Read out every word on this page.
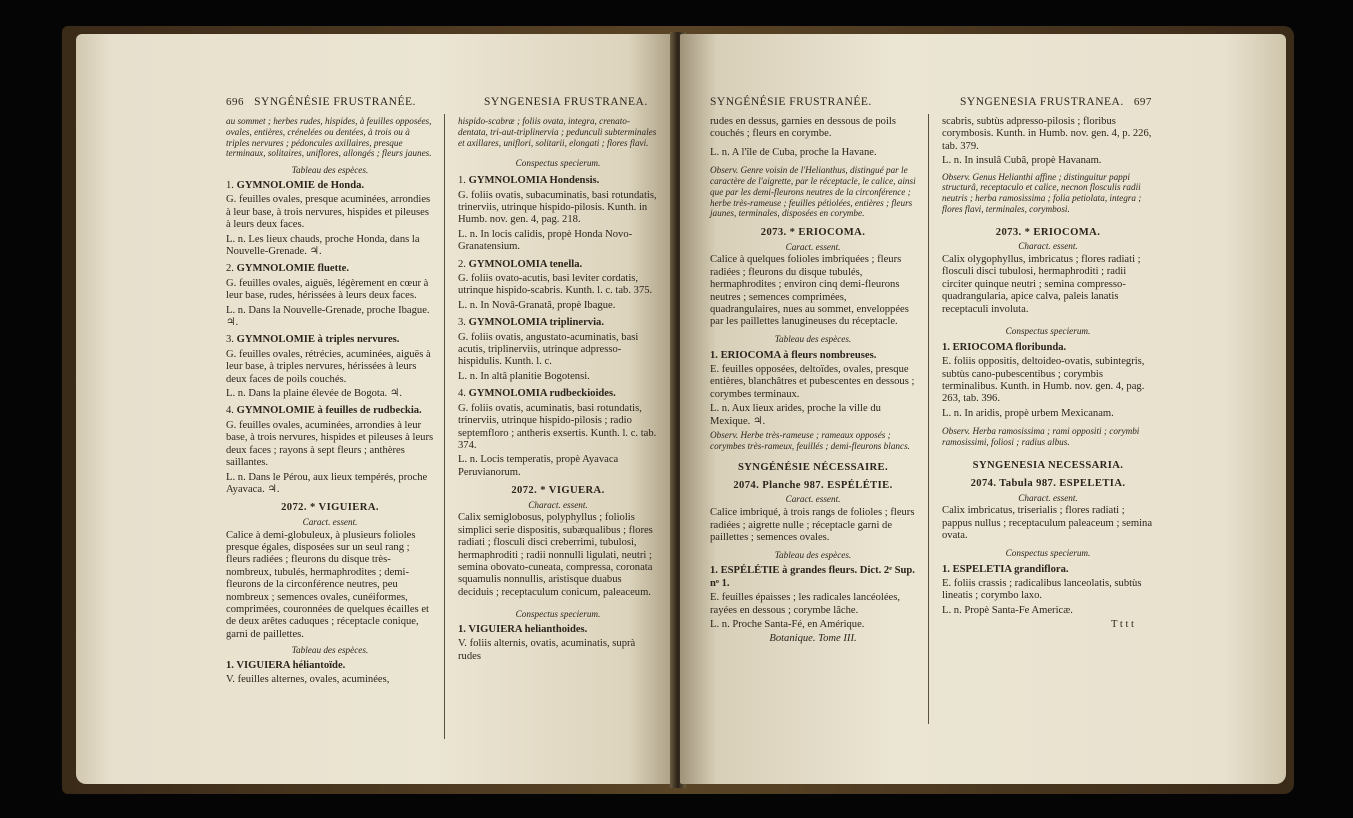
696 SYNGÉNÉSIE FRUSTRANÉE.	SYNGENESIA FRUSTRANEA.

au sommet ; herbes rudes, hispides, à feuilles opposées, ovales, entières, crénelées ou dentées, à trois ou à triples nervures ; pédoncules axillaires, presque terminaux, solitaires, uniflores, allongés ; fleurs jaunes.

Tableau des espèces.

1. GYMNOLOMIE de Honda.

G. feuilles ovales, presque acuminées, arrondies à leur base, à trois nervures, hispides et pileuses à leurs deux faces.

L. n. Les lieux chauds, proche Honda, dans la Nouvelle-Grenade. ♃.

2. GYMNOLOMIE fluette.

G. feuilles ovales, aiguës, légèrement en cœur à leur base, rudes, hérissées à leurs deux faces.

L. n. Dans la Nouvelle-Grenade, proche Ibague. ♃.

3. GYMNOLOMIE à triples nervures.

G. feuilles ovales, rétrécies, acuminées, aiguës à leur base, à triples nervures, hérissées à leurs deux faces de poils couchés.

L. n. Dans la plaine élevée de Bogota. ♃.

4. GYMNOLOMIE à feuilles de rudbeckia.

G. feuilles ovales, acuminées, arrondies à leur base, à trois nervures, hispides et pileuses à leurs deux faces ; rayons à sept fleurs ; anthères saillantes.

L. n. Dans le Pérou, aux lieux tempérés, proche Ayavaca. ♃.

2072. * VIGUIERA.

Caract. essent.

Calice à demi-globuleux, à plusieurs folioles presque égales, disposées sur un seul rang ; fleurs radiées ; fleurons du disque très-nombreux, tubulés, hermaphrodites ; demi-fleurons de la circonférence neutres, peu nombreux ; semences ovales, cunéiformes, comprimées, couronnées de quelques écailles et de deux arêtes caduques ; réceptacle conique, garni de paillettes.

Tableau des espèces.

1. VIGUIERA héliantoïde.

V. feuilles alternes, ovales, acuminées,

hispido-scabræ ; foliis ovata, integra, crenato-dentata, tri-aut-triplinervia ; pedunculi subterminales et axillares, uniflori, solitarii, elongati ; flores flavi.

Conspectus specierum.

1. GYMNOLOMIA Hondensis.

G. foliis ovatis, subacuminatis, basi rotundatis, trinerviis, utrinque hispido-pilosis. Kunth. in Humb. nov. gen. 4, pag. 218.

L. n. In locis calidis, propè Honda Novo-Granatensium.

2. GYMNOLOMIA tenella.

G. foliis ovato-acutis, basi leviter cordatis, utrinque hispido-scabris. Kunth. l. c. tab. 375.

L. n. In Novâ-Granatâ, propè Ibague.

3. GYMNOLOMIA triplinervia.

G. foliis ovatis, angustato-acuminatis, basi acutis, triplinerviis, utrinque adpresso-hispidulis. Kunth. l. c.

L. n. In altâ planitie Bogotensi.

4. GYMNOLOMIA rudbeckioides.

G. foliis ovatis, acuminatis, basi rotundatis, trinerviis, utrinque hispido-pilosis ; radio septemfloro ; antheris exsertis. Kunth. l. c. tab. 374.

L. n. Locis temperatis, propè Ayavaca Peruvianorum.

2072. * VIGUERA.

Charact. essent.

Calix semiglobosus, polyphyllus ; foliolis simplici serie dispositis, subæqualibus ; flores radiati ; flosculi disci creberrimi, tubulosi, hermaphroditi ; radii nonnulli ligulati, neutri ; semina obovato-cuneata, compressa, coronata squamulis nonnullis, aristisque duabus deciduis ; receptaculum conicum, paleaceum.

Conspectus specierum.

1. VIGUIERA helianthoides.

V. foliis alternis, ovatis, acuminatis, suprà rudes

SYNGÉNÉSIE FRUSTRANÉE.	SYNGENESIA FRUSTRANEA. 697

rudes en dessus, garnies en dessous de poils couchés ; fleurs en corymbe.

L. n. A l'île de Cuba, proche la Havane.

Observ. Genre voisin de l'Helianthus, distingué par le caractère de l'aigrette, par le réceptacle, le calice, ainsi que par les demi-fleurons neutres de la circonférence ; herbe très-rameuse ; feuilles pétiolées, entières ; fleurs jaunes, terminales, disposées en corymbe.

2073. * ERIOCOMA.

Caract. essent.

Calice à quelques folioles imbriquées ; fleurs radiées ; fleurons du disque tubulés, hermaphrodites ; environ cinq demi-fleurons neutres ; semences comprimées, quadrangulaires, nues au sommet, enveloppées par les paillettes lanugineuses du réceptacle.

Tableau des espèces.

1. ERIOCOMA à fleurs nombreuses.

E. feuilles opposées, deltoïdes, ovales, presque entières, blanchâtres et pubescentes en dessous ; corymbes terminaux.

L. n. Aux lieux arides, proche la ville du Mexique. ♃.

Observ. Herbe très-rameuse ; rameaux opposés ; corymbes très-rameux, feuillés ; demi-fleurons blancs.

SYNGÉNÉSIE NÉCESSAIRE.

2074. Planche 987. ESPÉLÉTIE.

Caract. essent.

Calice imbriqué, à trois rangs de folioles ; fleurs radiées ; aigrette nulle ; réceptacle garni de paillettes ; semences ovales.

Tableau des espèces.

1. ESPÉLÉTIE à grandes fleurs. Dict. 2ᵉ Sup. nᵒ 1.

E. feuilles épaisses ; les radicales lancéolées, rayées en dessous ; corymbe lâche.

L. n. Proche Santa-Fé, en Amérique.

Botanique. Tome III.

scabris, subtùs adpresso-pilosis ; floribus corymbosis. Kunth. in Humb. nov. gen. 4, p. 226, tab. 379.

L. n. In insulâ Cubâ, propè Havanam.

Observ. Genus Helianthi affine ; distinguitur pappi structurâ, receptaculo et calice, necnon flosculis radii neutris ; herba ramosissima ; folia petiolata, integra ; flores flavi, terminales, corymbosi.

2073. * ERIOCOMA.

Charact. essent.

Calix olygophyllus, imbricatus ; flores radiati ; flosculi disci tubulosi, hermaphroditi ; radii circiter quinque neutri ; semina compresso-quadrangularia, apice calva, paleis lanatis receptaculi involuta.

Conspectus specierum.

1. ERIOCOMA floribunda.

E. foliis oppositis, deltoideo-ovatis, subintegris, subtùs cano-pubescentibus ; corymbis terminalibus. Kunth. in Humb. nov. gen. 4, pag. 263, tab. 396.

L. n. In aridis, propè urbem Mexicanam.

Observ. Herba ramosissima ; rami oppositi ; corymbi ramosissimi, foliosi ; radius albus.

SYNGENESIA NECESSARIA.

2074. Tabula 987. ESPELETIA.

Charact. essent.

Calix imbricatus, triserialis ; flores radiati ; pappus nullus ; receptaculum paleaceum ; semina ovata.

Conspectus specierum.

1. ESPELETIA grandiflora.

E. foliis crassis ; radicalibus lanceolatis, subtùs lineatis ; corymbo laxo.

L. n. Propè Santa-Fe Americæ.

T t t t
